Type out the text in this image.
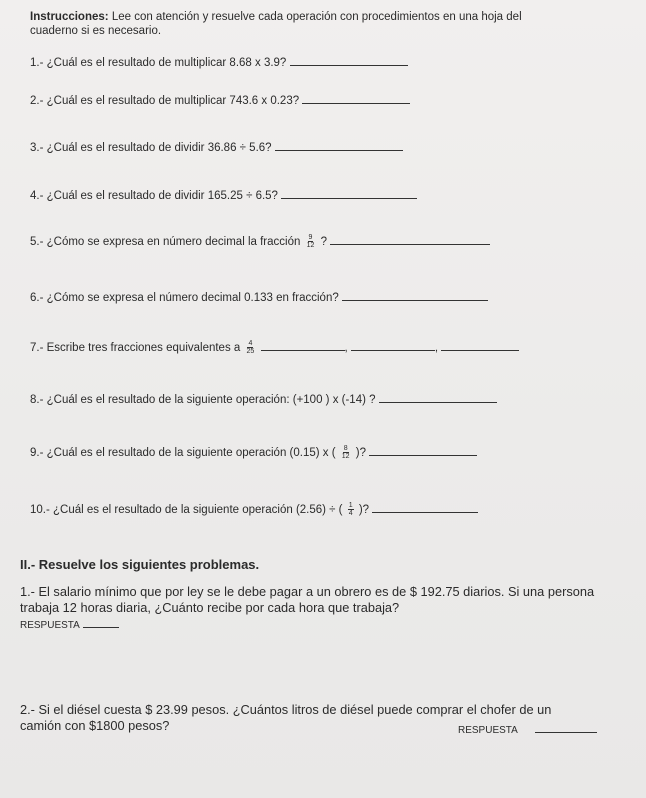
Instrucciones: Lee con atención y resuelve cada operación con procedimientos en una hoja del
cuaderno si es necesario.
1.- ¿Cuál es el resultado de multiplicar 8.68 x 3.9?
2.- ¿Cuál es el resultado de multiplicar 743.6 x 0.23?
3.- ¿Cuál es el resultado de dividir 36.86 ÷ 5.6?
4.- ¿Cuál es el resultado de dividir 165.25 ÷ 6.5?
5.- ¿Cómo se expresa en número decimal la fracción $\frac{9}{12}$ ?
6.- ¿Cómo se expresa el número decimal 0.133 en fracción?
7.- Escribe tres fracciones equivalentes a $\frac{4}{25}$	,	,
8.- ¿Cuál es el resultado de la siguiente operación: (+100 ) x (-14) ?
9.- ¿Cuál es el resultado de la siguiente operación (0.15) x ( $\frac{8}{12}$ )?
10.- ¿Cuál es el resultado de la siguiente operación (2.56) ÷ ( $\frac{1}{4}$ )?
II.- Resuelve los siguientes problemas.
1.- El salario mínimo que por ley se le debe pagar a un obrero es de $ 192.75 diarios. Si una persona
trabaja 12 horas diaria, ¿Cuánto recibe por cada hora que trabaja?
RESPUESTA
2.- Si el diésel cuesta $ 23.99 pesos. ¿Cuántos litros de diésel puede comprar el chofer de un
camión con $1800 pesos?	RESPUESTA
